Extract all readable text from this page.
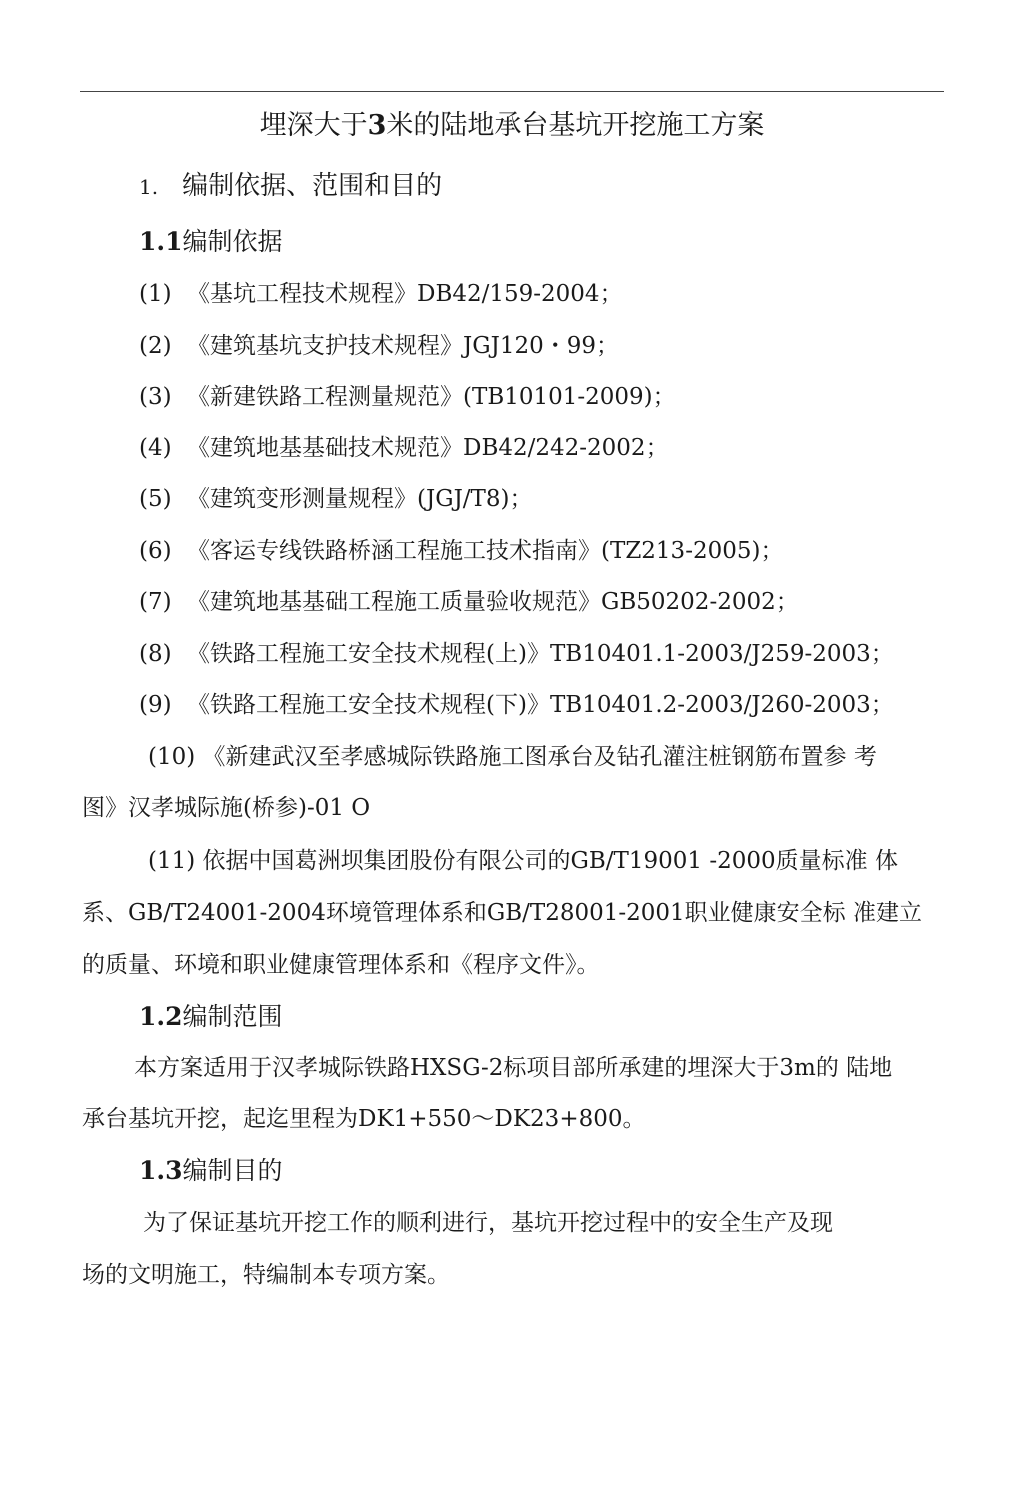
埋深大于3米的陆地承台基坑开挖施工方案
1. 编制依据、范围和目的
1.1编制依据
(1) 《基坑工程技术规程》DB42/159-2004；
(2) 《建筑基坑支护技术规程》JGJ120・99；
(3) 《新建铁路工程测量规范》(TB10101-2009)；
(4) 《建筑地基基础技术规范》DB42/242-2002；
(5) 《建筑变形测量规程》(JGJ/T8)；
(6) 《客运专线铁路桥涵工程施工技术指南》(TZ213-2005)；
(7) 《建筑地基基础工程施工质量验收规范》GB50202-2002；
(8) 《铁路工程施工安全技术规程(上)》TB10401.1-2003/J259-2003；
(9) 《铁路工程施工安全技术规程(下)》TB10401.2-2003/J260-2003；
(10) 《新建武汉至孝感城际铁路施工图承台及钻孔灌注桩钢筋布置参 考
图》汉孝城际施(桥参)-01 O
(11) 依据中国葛洲坝集团股份有限公司的GB/T19001 -2000质量标准 体
系、GB/T24001-2004环境管理体系和GB/T28001-2001职业健康安全标 准建立
的质量、环境和职业健康管理体系和《程序文件》。
1.2编制范围
本方案适用于汉孝城际铁路HXSG-2标项目部所承建的埋深大于3m的 陆地
承台基坑开挖，起迄里程为DK1+550～DK23+800。
1.3编制目的
为了保证基坑开挖工作的顺利进行，基坑开挖过程中的安全生产及现
场的文明施工，特编制本专项方案。
